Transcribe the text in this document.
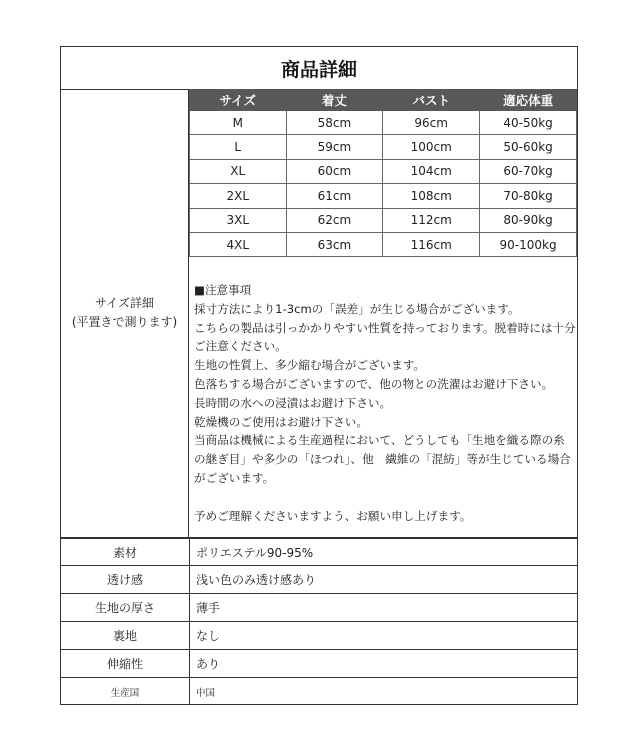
商品詳細
サイズ詳細
(平置きで測ります)
サイズ	着丈	バスト	適応体重
M	58cm	96cm	40-50kg
L	59cm	100cm	50-60kg
XL	60cm	104cm	60-70kg
2XL	61cm	108cm	70-80kg
3XL	62cm	112cm	80-90kg
4XL	63cm	116cm	90-100kg
■注意事項
採寸方法により1-3cmの「誤差」が生じる場合がございます。
こちらの製品は引っかかりやすい性質を持っております。脱着時には十分
ご注意ください。
生地の性質上、多少縮む場合がございます。
色落ちする場合がございますので、他の物との洗濯はお避け下さい。
長時間の水への浸漬はお避け下さい。
乾燥機のご使用はお避け下さい。
当商品は機械による生産過程において、どうしても「生地を織る際の糸
の継ぎ目」や多少の「ほつれ」、他　繊維の「混紡」等が生じている場合
がございます。
予めご理解くださいますよう、お願い申し上げます。
素材	ポリエステル90-95%
透け感	浅い色のみ透け感あり
生地の厚さ	薄手
裏地	なし
伸縮性	あり
生産国	中国
